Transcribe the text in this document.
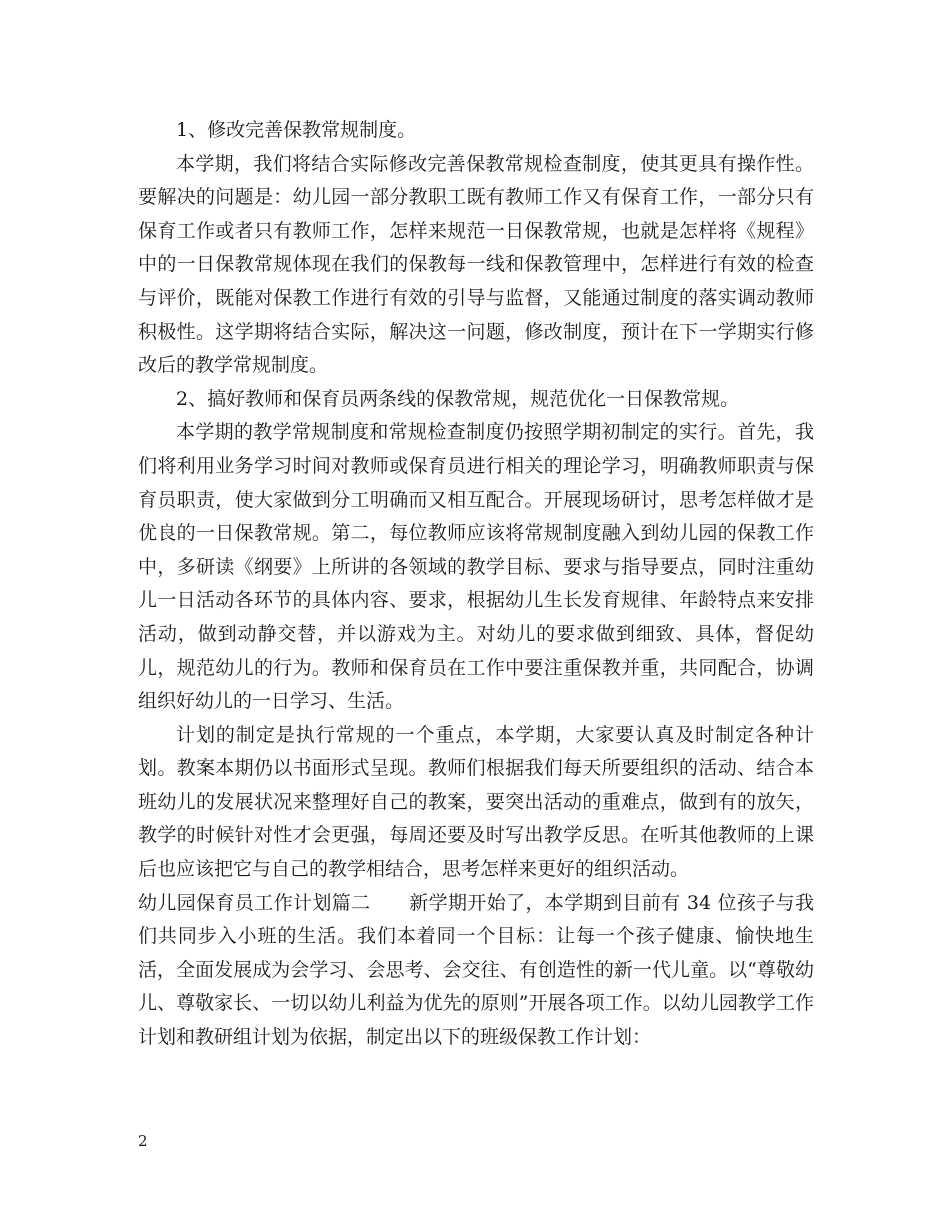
1、修改完善保教常规制度。

本学期，我们将结合实际修改完善保教常规检查制度，使其更具有操作性。要解决的问题是：幼儿园一部分教职工既有教师工作又有保育工作，一部分只有保育工作或者只有教师工作，怎样来规范一日保教常规，也就是怎样将《规程》中的一日保教常规体现在我们的保教每一线和保教管理中，怎样进行有效的检查与评价，既能对保教工作进行有效的引导与监督，又能通过制度的落实调动教师积极性。这学期将结合实际，解决这一问题，修改制度，预计在下一学期实行修改后的教学常规制度。

2、搞好教师和保育员两条线的保教常规，规范优化一日保教常规。

本学期的教学常规制度和常规检查制度仍按照学期初制定的实行。首先，我们将利用业务学习时间对教师或保育员进行相关的理论学习，明确教师职责与保育员职责，使大家做到分工明确而又相互配合。开展现场研讨，思考怎样做才是优良的一日保教常规。第二，每位教师应该将常规制度融入到幼儿园的保教工作中，多研读《纲要》上所讲的各领域的教学目标、要求与指导要点，同时注重幼儿一日活动各环节的具体内容、要求，根据幼儿生长发育规律、年龄特点来安排活动，做到动静交替，并以游戏为主。对幼儿的要求做到细致、具体，督促幼儿，规范幼儿的行为。教师和保育员在工作中要注重保教并重，共同配合，协调组织好幼儿的一日学习、生活。

计划的制定是执行常规的一个重点，本学期，大家要认真及时制定各种计划。教案本期仍以书面形式呈现。教师们根据我们每天所要组织的活动、结合本班幼儿的发展状况来整理好自己的教案，要突出活动的重难点，做到有的放矢，教学的时候针对性才会更强，每周还要及时写出教学反思。在听其他教师的上课后也应该把它与自己的教学相结合，思考怎样来更好的组织活动。

幼儿园保育员工作计划篇二　　新学期开始了，本学期到目前有 34 位孩子与我们共同步入小班的生活。我们本着同一个目标：让每一个孩子健康、愉快地生活，全面发展成为会学习、会思考、会交往、有创造性的新一代儿童。以“尊敬幼儿、尊敬家长、一切以幼儿利益为优先的原则”开展各项工作。以幼儿园教学工作计划和教研组计划为依据，制定出以下的班级保教工作计划：

2
